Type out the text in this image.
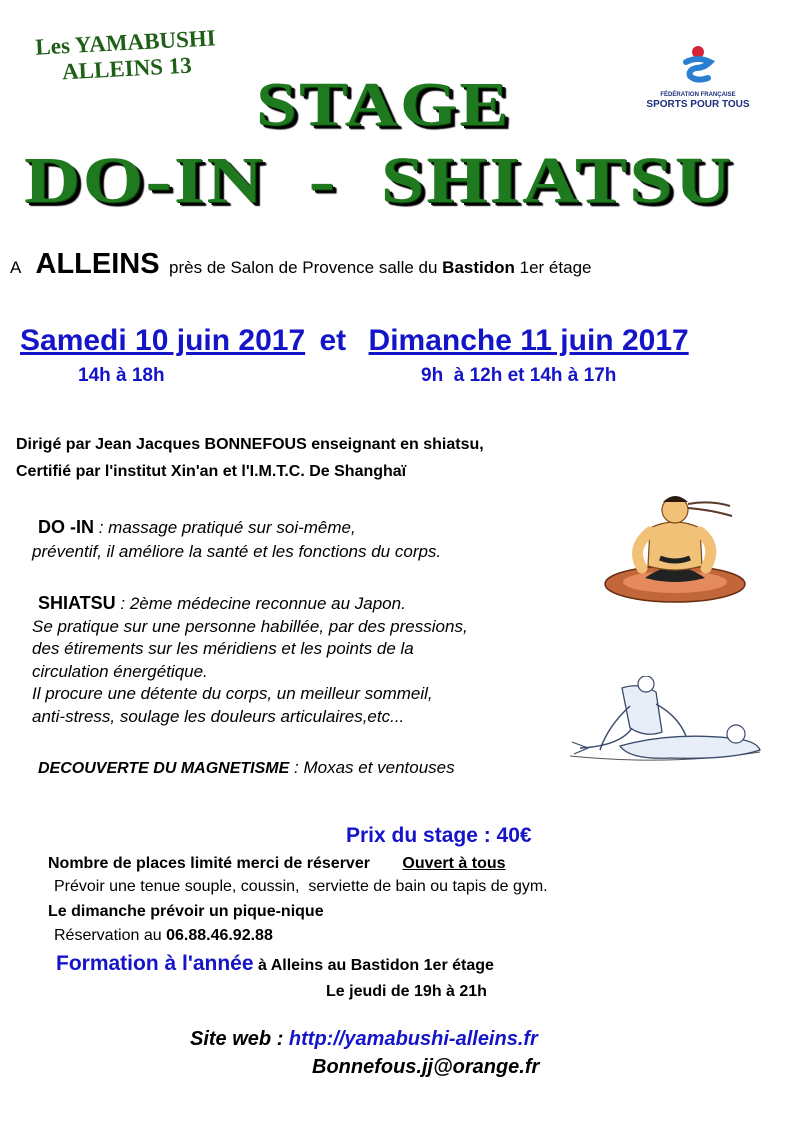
Les YAMABUSHI
ALLEINS 13
FÉDÉRATION FRANÇAISE
SPORTS POUR TOUS
STAGE
DO-IN  -  SHIATSU
A ALLEINS près de Salon de Provence salle du Bastidon 1er étage
Samedi 10 juin 2017 et Dimanche 11 juin 2017
14h à 18h	9h  à 12h et 14h à 17h
Dirigé par Jean Jacques BONNEFOUS enseignant en shiatsu,
Certifié par l'institut Xin'an et l'I.M.T.C. De Shanghaï
DO -IN : massage pratiqué sur soi-même,
préventif, il améliore la santé et les fonctions du corps.
SHIATSU : 2ème médecine reconnue au Japon.
Se pratique sur une personne habillée, par des pressions,
des étirements sur les méridiens et les points de la
circulation énergétique.
Il procure une détente du corps, un meilleur sommeil,
anti-stress, soulage les douleurs articulaires,etc...
DECOUVERTE DU MAGNETISME : Moxas et ventouses
Prix du stage : 40€
Nombre de places limité merci de réserver Ouvert à tous
Prévoir une tenue souple, coussin,  serviette de bain ou tapis de gym.
Le dimanche prévoir un pique-nique
Réservation au 06.88.46.92.88
Formation à l'année à Alleins au Bastidon 1er étage
Le jeudi de 19h à 21h
Site web : http://yamabushi-alleins.fr
Bonnefous.jj@orange.fr
